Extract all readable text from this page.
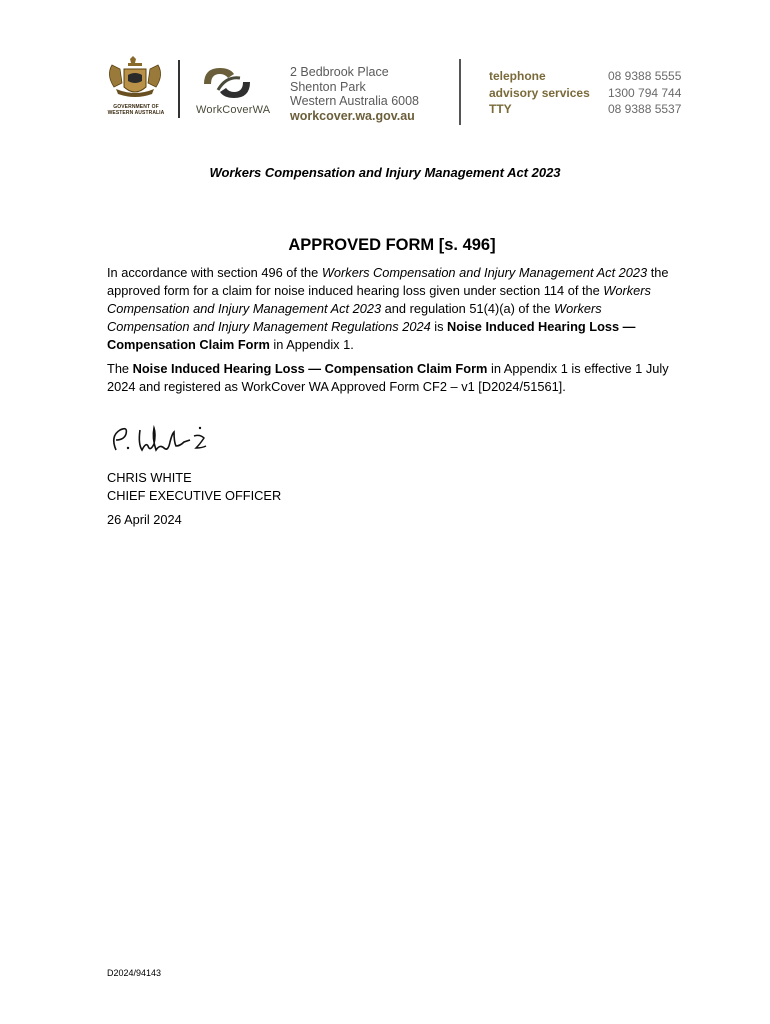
GOVERNMENT OF
WESTERN AUSTRALIA	WorkCoverWA
2 Bedbrook Place
Shenton Park
Western Australia 6008
workcover.wa.gov.au
telephone
advisory services
TTY
08 9388 5555
1300 794 744
08 9388 5537
Workers Compensation and Injury Management Act 2023
APPROVED FORM [s. 496]

In accordance with section 496 of the Workers Compensation and Injury Management Act 2023 the approved form for a claim for noise induced hearing loss given under section 114 of the Workers Compensation and Injury Management Act 2023 and regulation 51(4)(a) of the Workers Compensation and Injury Management Regulations 2024 is Noise Induced Hearing Loss — Compensation Claim Form in Appendix 1.

The Noise Induced Hearing Loss — Compensation Claim Form in Appendix 1 is effective 1 July 2024 and registered as WorkCover WA Approved Form CF2 – v1 [D2024/51561].

CHRIS WHITE
CHIEF EXECUTIVE OFFICER
26 April 2024
D2024/94143
